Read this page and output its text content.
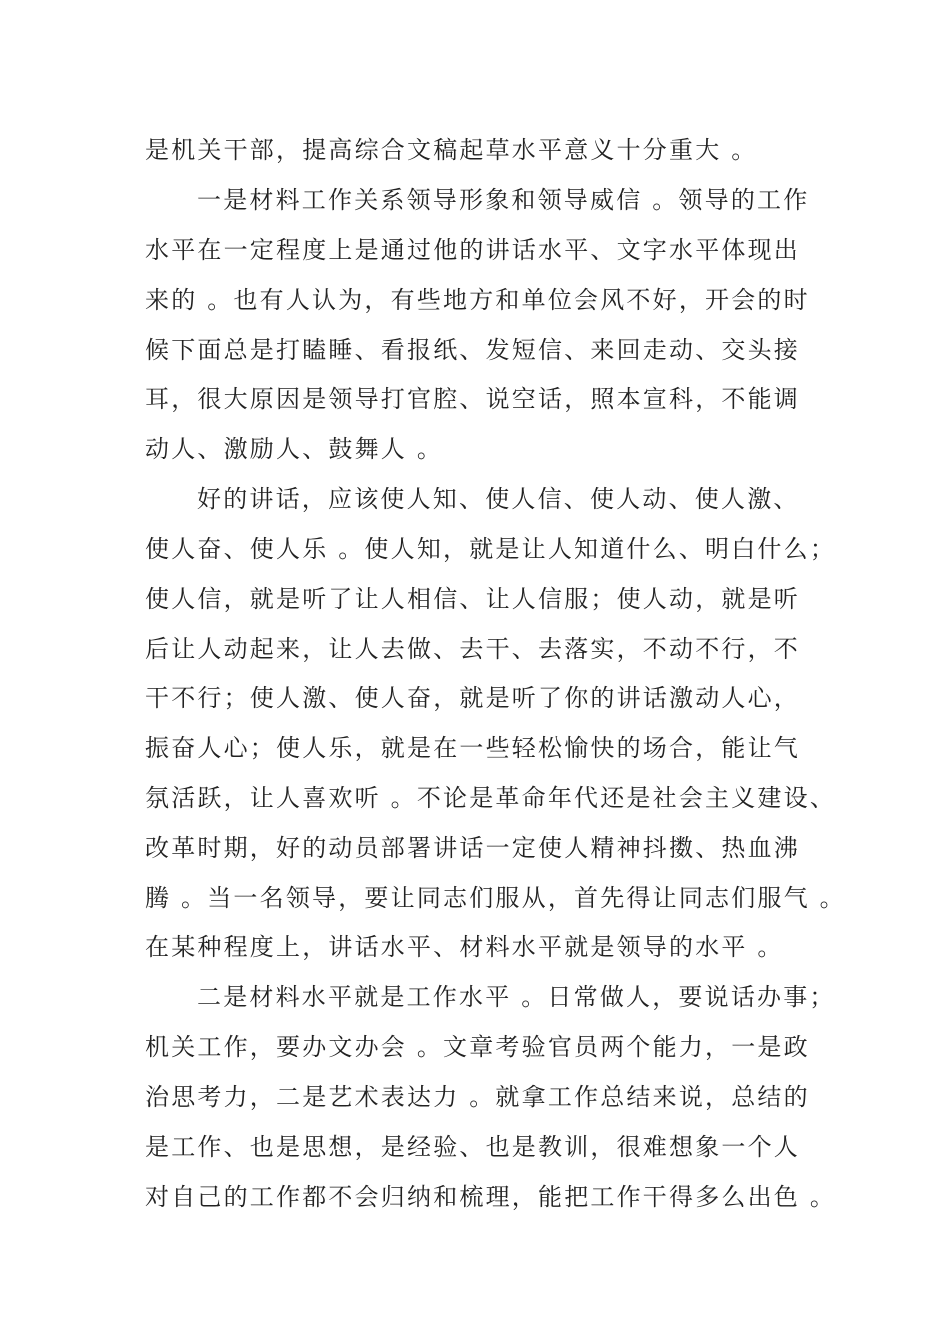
是机关干部，提高综合文稿起草水平意义十分重大 。
一是材料工作关系领导形象和领导威信 。领导的工作
水平在一定程度上是通过他的讲话水平、文字水平体现出
来的 。也有人认为，有些地方和单位会风不好，开会的时
候下面总是打瞌睡、看报纸、发短信、来回走动、交头接
耳，很大原因是领导打官腔、说空话，照本宣科，不能调
动人、激励人、鼓舞人 。
好的讲话，应该使人知、使人信、使人动、使人激、
使人奋、使人乐 。使人知，就是让人知道什么、明白什么；
使人信，就是听了让人相信、让人信服；使人动，就是听
后让人动起来，让人去做、去干、去落实，不动不行，不
干不行；使人激、使人奋，就是听了你的讲话激动人心，
振奋人心；使人乐，就是在一些轻松愉快的场合，能让气
氛活跃，让人喜欢听 。不论是革命年代还是社会主义建设、
改革时期，好的动员部署讲话一定使人精神抖擞、热血沸
腾 。当一名领导，要让同志们服从，首先得让同志们服气 。
在某种程度上，讲话水平、材料水平就是领导的水平 。
二是材料水平就是工作水平 。日常做人，要说话办事；
机关工作，要办文办会 。文章考验官员两个能力，一是政
治思考力，二是艺术表达力 。就拿工作总结来说，总结的
是工作、也是思想，是经验、也是教训，很难想象一个人
对自己的工作都不会归纳和梳理，能把工作干得多么出色 。
